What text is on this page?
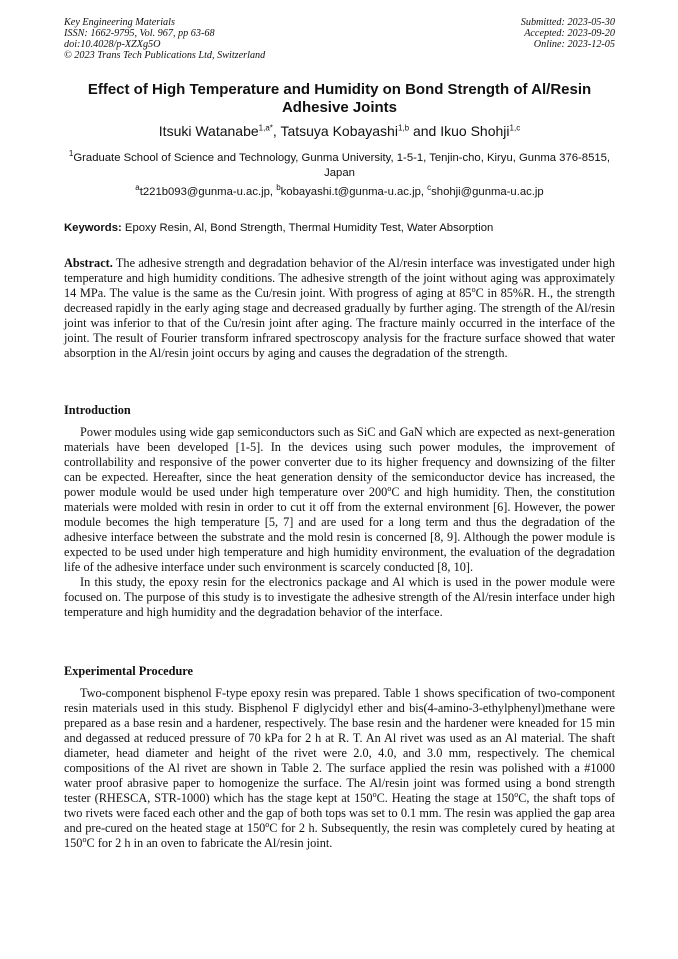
Key Engineering Materials
ISSN: 1662-9795, Vol. 967, pp 63-68
doi:10.4028/p-XZXg5O
© 2023 Trans Tech Publications Ltd, Switzerland
Submitted: 2023-05-30
Accepted: 2023-09-20
Online: 2023-12-05
Effect of High Temperature and Humidity on Bond Strength of Al/Resin Adhesive Joints
Itsuki Watanabe$^{1,a*}$, Tatsuya Kobayashi$^{1,b}$ and Ikuo Shohji$^{1,c}$
$^1$Graduate School of Science and Technology, Gunma University, 1-5-1, Tenjin-cho, Kiryu, Gunma 376-8515, Japan
$^a$t221b093@gunma-u.ac.jp, $^b$kobayashi.t@gunma-u.ac.jp, $^c$shohji@gunma-u.ac.jp
Keywords: Epoxy Resin, Al, Bond Strength, Thermal Humidity Test, Water Absorption

Abstract. The adhesive strength and degradation behavior of the Al/resin interface was investigated under high temperature and high humidity conditions. The adhesive strength of the joint without aging was approximately 14 MPa. The value is the same as the Cu/resin joint. With progress of aging at 85$^o$C in 85%R. H., the strength decreased rapidly in the early aging stage and decreased gradually by further aging. The strength of the Al/resin joint was inferior to that of the Cu/resin joint after aging. The fracture mainly occurred in the interface of the joint. The result of Fourier transform infrared spectroscopy analysis for the fracture surface showed that water absorption in the Al/resin joint occurs by aging and causes the degradation of the strength.

Introduction

Power modules using wide gap semiconductors such as SiC and GaN which are expected as next-generation materials have been developed [1-5]. In the devices using such power modules, the improvement of controllability and responsive of the power converter due to its higher frequency and downsizing of the filter can be expected. Hereafter, since the heat generation density of the semiconductor device has increased, the power module would be used under high temperature over 200$^o$C and high humidity. Then, the constitution materials were molded with resin in order to cut it off from the external environment [6]. However, the power module becomes the high temperature [5, 7] and are used for a long term and thus the degradation of the adhesive interface between the substrate and the mold resin is concerned [8, 9]. Although the power module is expected to be used under high temperature and high humidity environment, the evaluation of the degradation life of the adhesive interface under such environment is scarcely conducted [8, 10].

In this study, the epoxy resin for the electronics package and Al which is used in the power module were focused on. The purpose of this study is to investigate the adhesive strength of the Al/resin interface under high temperature and high humidity and the degradation behavior of the interface.

Experimental Procedure

Two-component bisphenol F-type epoxy resin was prepared. Table 1 shows specification of two-component resin materials used in this study. Bisphenol F diglycidyl ether and bis(4-amino-3-ethylphenyl)methane were prepared as a base resin and a hardener, respectively. The base resin and the hardener were kneaded for 15 min and degassed at reduced pressure of 70 kPa for 2 h at R. T. An Al rivet was used as an Al material. The shaft diameter, head diameter and height of the rivet were 2.0, 4.0, and 3.0 mm, respectively. The chemical compositions of the Al rivet are shown in Table 2. The surface applied the resin was polished with a #1000 water proof abrasive paper to homogenize the surface. The Al/resin joint was formed using a bond strength tester (RHESCA, STR-1000) which has the stage kept at 150$^o$C. Heating the stage at 150$^o$C, the shaft tops of two rivets were faced each other and the gap of both tops was set to 0.1 mm. The resin was applied the gap area and pre-cured on the heated stage at 150$^o$C for 2 h. Subsequently, the resin was completely cured by heating at 150$^o$C for 2 h in an oven to fabricate the Al/resin joint.
